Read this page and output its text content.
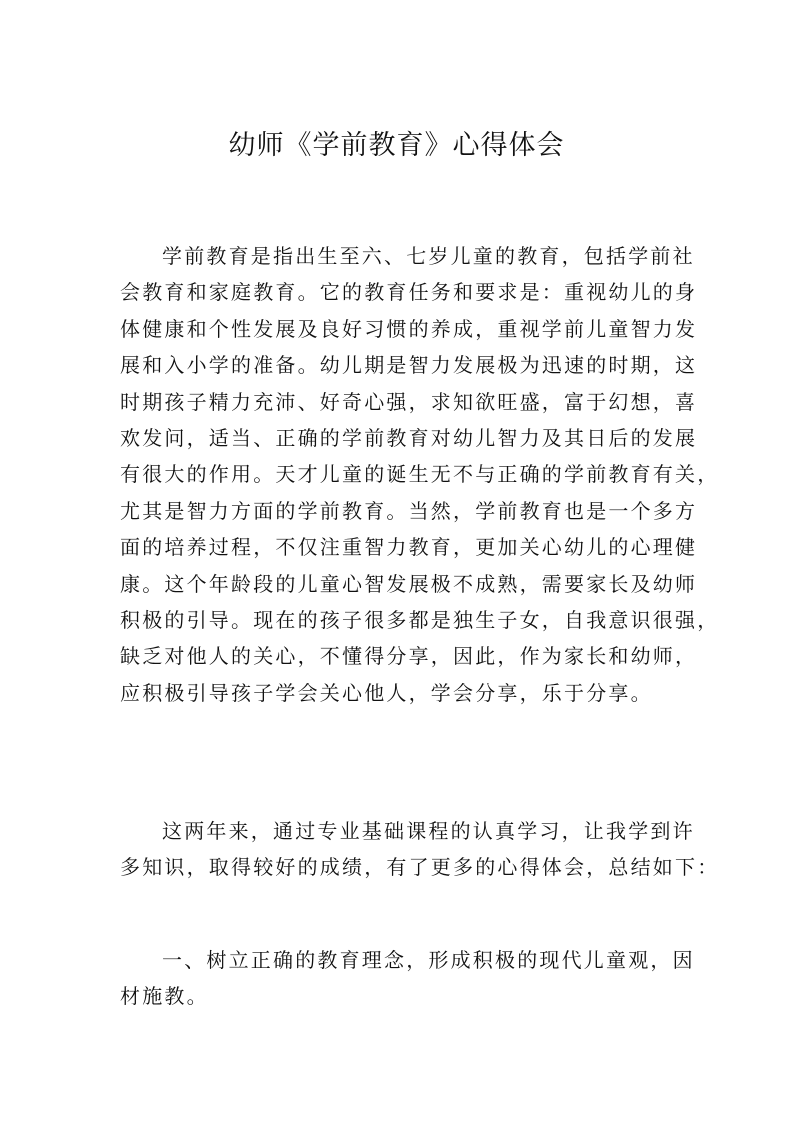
幼师《学前教育》心得体会
学前教育是指出生至六、七岁儿童的教育，包括学前社
会教育和家庭教育。它的教育任务和要求是：重视幼儿的身
体健康和个性发展及良好习惯的养成，重视学前儿童智力发
展和入小学的准备。幼儿期是智力发展极为迅速的时期，这
时期孩子精力充沛、好奇心强，求知欲旺盛，富于幻想，喜
欢发问，适当、正确的学前教育对幼儿智力及其日后的发展
有很大的作用。天才儿童的诞生无不与正确的学前教育有关，
尤其是智力方面的学前教育。当然，学前教育也是一个多方
面的培养过程，不仅注重智力教育，更加关心幼儿的心理健
康。这个年龄段的儿童心智发展极不成熟，需要家长及幼师
积极的引导。现在的孩子很多都是独生子女，自我意识很强，
缺乏对他人的关心，不懂得分享，因此，作为家长和幼师，
应积极引导孩子学会关心他人，学会分享，乐于分享。
这两年来，通过专业基础课程的认真学习，让我学到许
多知识，取得较好的成绩，有了更多的心得体会，总结如下：
一、树立正确的教育理念，形成积极的现代儿童观，因
材施教。
